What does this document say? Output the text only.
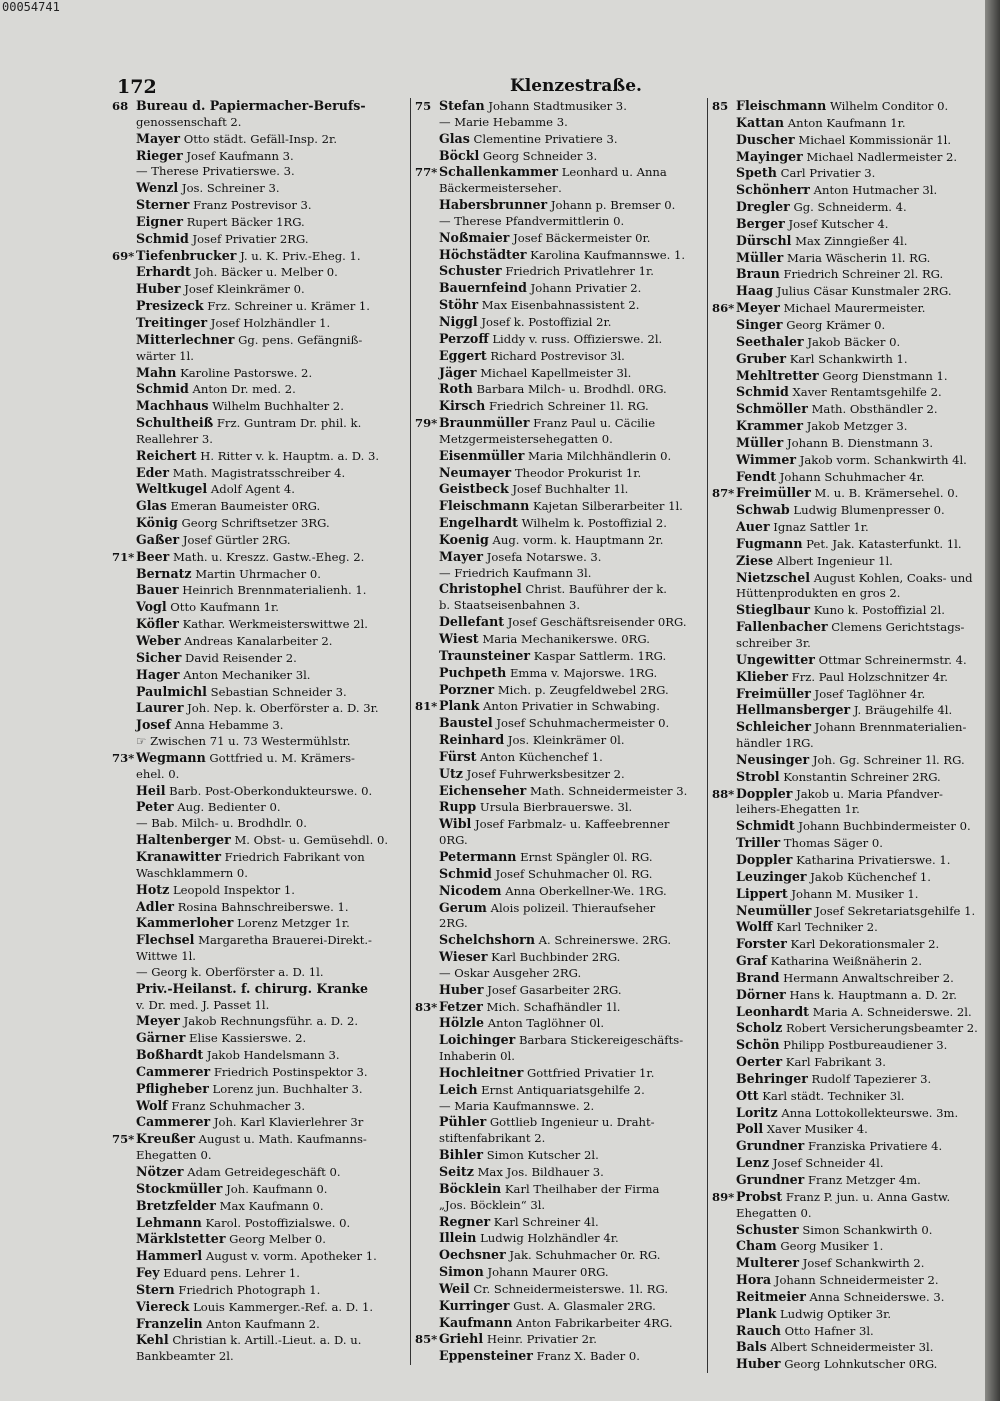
00054741
172	Klenzestraße.
68 Bureau d. Papiermacher-Berufs-
genossenschaft 2.
Mayer Otto städt. Gefäll-Insp. 2r.
Rieger Josef Kaufmann 3.
— Therese Privatierswe. 3.
Wenzl Jos. Schreiner 3.
Sterner Franz Postrevisor 3.
Eigner Rupert Bäcker 1RG.
Schmid Josef Privatier 2RG.
69* Tiefenbrucker J. u. K. Priv.-Eheg. 1.
Erhardt Joh. Bäcker u. Melber 0.
Huber Josef Kleinkrämer 0.
Presizeck Frz. Schreiner u. Krämer 1.
Treitinger Josef Holzhändler 1.
Mitterlechner Gg. pens. Gefängniß-
wärter 1l.
Mahn Karoline Pastorswe. 2.
Schmid Anton Dr. med. 2.
Machhaus Wilhelm Buchhalter 2.
Schultheiß Frz. Guntram Dr. phil. k.
Reallehrer 3.
Reichert H. Ritter v. k. Hauptm. a. D. 3.
Eder Math. Magistratsschreiber 4.
Weltkugel Adolf Agent 4.
Glas Emeran Baumeister 0RG.
König Georg Schriftsetzer 3RG.
Gaßer Josef Gürtler 2RG.
71* Beer Math. u. Kreszz. Gastw.-Eheg. 2.
Bernatz Martin Uhrmacher 0.
Bauer Heinrich Brennmaterialienh. 1.
Vogl Otto Kaufmann 1r.
Köfler Kathar. Werkmeisterswittwe 2l.
Weber Andreas Kanalarbeiter 2.
Sicher David Reisender 2.
Hager Anton Mechaniker 3l.
Paulmichl Sebastian Schneider 3.
Laurer Joh. Nep. k. Oberförster a. D. 3r.
Josef Anna Hebamme 3.
☞ Zwischen 71 u. 73 Westermühlstr.
73* Wegmann Gottfried u. M. Krämers-
ehel. 0.
Heil Barb. Post-Oberkondukteurswe. 0.
Peter Aug. Bedienter 0.
— Bab. Milch- u. Brodhdlr. 0.
Haltenberger M. Obst- u. Gemüsehdl. 0.
Kranawitter Friedrich Fabrikant von
Waschklammern 0.
Hotz Leopold Inspektor 1.
Adler Rosina Bahnschreiberswe. 1.
Kammerloher Lorenz Metzger 1r.
Flechsel Margaretha Brauerei-Direkt.-
Wittwe 1l.
— Georg k. Oberförster a. D. 1l.
Priv.-Heilanst. f. chirurg. Kranke
v. Dr. med. J. Passet 1l.
Meyer Jakob Rechnungsführ. a. D. 2.
Gärner Elise Kassierswe. 2.
Boßhardt Jakob Handelsmann 3.
Cammerer Friedrich Postinspektor 3.
Pfligheber Lorenz jun. Buchhalter 3.
Wolf Franz Schuhmacher 3.
Cammerer Joh. Karl Klavierlehrer 3r
75* Kreußer August u. Math. Kaufmanns-
Ehegatten 0.
Nötzer Adam Getreidegeschäft 0.
Stockmüller Joh. Kaufmann 0.
Bretzfelder Max Kaufmann 0.
Lehmann Karol. Postoffizialswe. 0.
Märklstetter Georg Melber 0.
Hammerl August v. vorm. Apotheker 1.
Fey Eduard pens. Lehrer 1.
Stern Friedrich Photograph 1.
Viereck Louis Kammerger.-Ref. a. D. 1.
Franzelin Anton Kaufmann 2.
Kehl Christian k. Artill.-Lieut. a. D. u.
Bankbeamter 2l.
75 Stefan Johann Stadtmusiker 3.
— Marie Hebamme 3.
Glas Clementine Privatiere 3.
Böckl Georg Schneider 3.
77* Schallenkammer Leonhard u. Anna
Bäckermeistersehег.
Habersbrunner Johann p. Bremser 0.
— Therese Pfandvermittlerin 0.
Noßmaier Josef Bäckermeister 0r.
Höchstädter Karolina Kaufmannswe. 1.
Schuster Friedrich Privatlehrer 1r.
Bauernfeind Johann Privatier 2.
Stöhr Max Eisenbahnassistent 2.
Niggl Josef k. Postoffizial 2r.
Perzoff Liddy v. russ. Offizierswe. 2l.
Eggert Richard Postrevisor 3l.
Jäger Michael Kapellmeister 3l.
Roth Barbara Milch- u. Brodhdl. 0RG.
Kirsch Friedrich Schreiner 1l. RG.
79* Braunmüller Franz Paul u. Cäcilie
Metzgermeistersehegatten 0.
Eisenmüller Maria Milchhändlerin 0.
Neumayer Theodor Prokurist 1r.
Geistbeck Josef Buchhalter 1l.
Fleischmann Kajetan Silberarbeiter 1l.
Engelhardt Wilhelm k. Postoffizial 2.
Koenig Aug. vorm. k. Hauptmann 2r.
Mayer Josefa Notarswe. 3.
— Friedrich Kaufmann 3l.
Christophel Christ. Bauführer der k.
b. Staatseisenbahnen 3.
Dellefant Josef Geschäftsreisender 0RG.
Wiest Maria Mechanikerswe. 0RG.
Traunsteiner Kaspar Sattlerm. 1RG.
Puchpeth Emma v. Majorswe. 1RG.
Porzner Mich. p. Zeugfeldwebel 2RG.
81* Plank Anton Privatier in Schwabing.
Baustel Josef Schuhmachermeister 0.
Reinhard Jos. Kleinkrämer 0l.
Fürst Anton Küchenchef 1.
Utz Josef Fuhrwerksbesitzer 2.
Eichenseher Math. Schneidermeister 3.
Rupp Ursula Bierbrauerswe. 3l.
Wibl Josef Farbmalz- u. Kaffeebrenner
0RG.
Petermann Ernst Spängler 0l. RG.
Schmid Josef Schuhmacher 0l. RG.
Nicodem Anna Oberkellner-We. 1RG.
Gerum Alois polizeil. Thieraufseher
2RG.
Schelchshorn A. Schreinerswe. 2RG.
Wieser Karl Buchbinder 2RG.
— Oskar Ausgeher 2RG.
Huber Josef Gasarbeiter 2RG.
83* Fetzer Mich. Schafhändler 1l.
Hölzle Anton Taglöhner 0l.
Loichinger Barbara Stickereigeschäfts-
Inhaberin 0l.
Hochleitner Gottfried Privatier 1r.
Leich Ernst Antiquariatsgehilfe 2.
— Maria Kaufmannswe. 2.
Pühler Gottlieb Ingenieur u. Draht-
stiftenfabrikant 2.
Bihler Simon Kutscher 2l.
Seitz Max Jos. Bildhauer 3.
Böcklein Karl Theilhaber der Firma
„Jos. Böcklein“ 3l.
Regner Karl Schreiner 4l.
Illein Ludwig Holzhändler 4r.
Oechsner Jak. Schuhmacher 0r. RG.
Simon Johann Maurer 0RG.
Weil Cr. Schneidermeisterswe. 1l. RG.
Kurringer Gust. A. Glasmaler 2RG.
Kaufmann Anton Fabrikarbeiter 4RG.
85* Griehl Heinr. Privatier 2r.
Eppensteiner Franz X. Bader 0.
85 Fleischmann Wilhelm Conditor 0.
Kattan Anton Kaufmann 1r.
Duscher Michael Kommissionär 1l.
Mayinger Michael Nadlermeister 2.
Speth Carl Privatier 3.
Schönherr Anton Hutmacher 3l.
Dregler Gg. Schneiderm. 4.
Berger Josef Kutscher 4.
Dürschl Max Zinngießer 4l.
Müller Maria Wäscherin 1l. RG.
Braun Friedrich Schreiner 2l. RG.
Haag Julius Cäsar Kunstmaler 2RG.
86* Meyer Michael Maurermeister.
Singer Georg Krämer 0.
Seethaler Jakob Bäcker 0.
Gruber Karl Schankwirth 1.
Mehltretter Georg Dienstmann 1.
Schmid Xaver Rentamtsgehilfe 2.
Schmöller Math. Obsthändler 2.
Krammer Jakob Metzger 3.
Müller Johann B. Dienstmann 3.
Wimmer Jakob vorm. Schankwirth 4l.
Fendt Johann Schuhmacher 4r.
87* Freimüller M. u. B. Krämersehel. 0.
Schwab Ludwig Blumenpresser 0.
Auer Ignaz Sattler 1r.
Fugmann Pet. Jak. Katasterfunkt. 1l.
Ziese Albert Ingenieur 1l.
Nietzschel August Kohlen, Coaks- und
Hüttenprodukten en gros 2.
Stieglbaur Kuno k. Postoffizial 2l.
Fallenbacher Clemens Gerichtstags-
schreiber 3r.
Ungewitter Ottmar Schreinermstr. 4.
Klieber Frz. Paul Holzschnitzer 4r.
Freimüller Josef Taglöhner 4r.
Hellmansberger J. Bräugehilfe 4l.
Schleicher Johann Brennmaterialien-
händler 1RG.
Neusinger Joh. Gg. Schreiner 1l. RG.
Strobl Konstantin Schreiner 2RG.
88* Doppler Jakob u. Maria Pfandver-
leihers-Ehegatten 1r.
Schmidt Johann Buchbindermeister 0.
Triller Thomas Säger 0.
Doppler Katharina Privatierswe. 1.
Leuzinger Jakob Küchenchef 1.
Lippert Johann M. Musiker 1.
Neumüller Josef Sekretariatsgehilfe 1.
Wolff Karl Techniker 2.
Forster Karl Dekorationsmaler 2.
Graf Katharina Weißnäherin 2.
Brand Hermann Anwaltschreiber 2.
Dörner Hans k. Hauptmann a. D. 2r.
Leonhardt Maria A. Schneiderswe. 2l.
Scholz Robert Versicherungsbeamter 2.
Schön Philipp Postbureaudiener 3.
Oerter Karl Fabrikant 3.
Behringer Rudolf Tapezierer 3.
Ott Karl städt. Techniker 3l.
Loritz Anna Lottokollekteurswe. 3m.
Poll Xaver Musiker 4.
Grundner Franziska Privatiere 4.
Lenz Josef Schneider 4l.
Grundner Franz Metzger 4m.
89* Probst Franz P. jun. u. Anna Gastw.
Ehegatten 0.
Schuster Simon Schankwirth 0.
Cham Georg Musiker 1.
Multerer Josef Schankwirth 2.
Hora Johann Schneidermeister 2.
Reitmeier Anna Schneiderswe. 3.
Plank Ludwig Optiker 3r.
Rauch Otto Hafner 3l.
Bals Albert Schneidermeister 3l.
Huber Georg Lohnkutscher 0RG.
